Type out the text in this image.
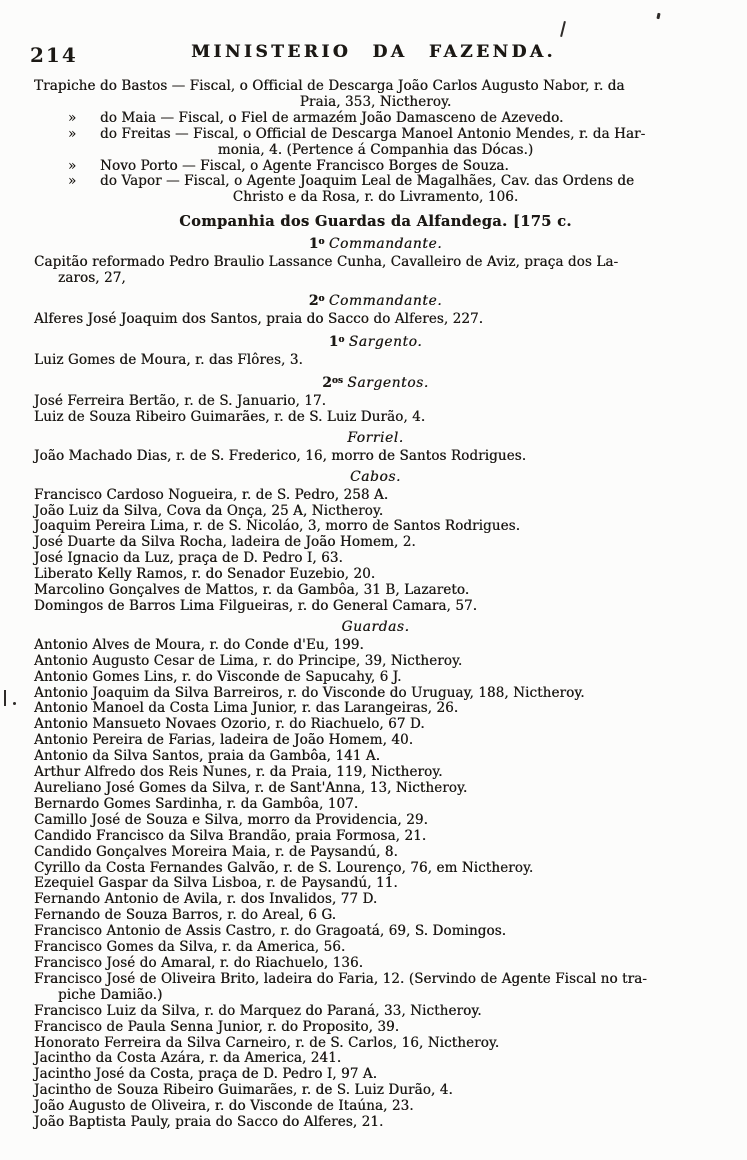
214	MINISTERIO DA FAZENDA.
Trapiche do Bastos — Fiscal, o Official de Descarga João Carlos Augusto Nabor, r. da
Praia, 353, Nictheroy.
» do Maia — Fiscal, o Fiel de armazém João Damasceno de Azevedo.
» do Freitas — Fiscal, o Official de Descarga Manoel Antonio Mendes, r. da Har-
monia, 4. (Pertence á Companhia das Dócas.)
» Novo Porto — Fiscal, o Agente Francisco Borges de Souza.
» do Vapor — Fiscal, o Agente Joaquim Leal de Magalhães, Cav. das Ordens de
Christo e da Rosa, r. do Livramento, 106.
Companhia dos Guardas da Alfandega. [175 c.
1$^o$ Commandante.
Capitão reformado Pedro Braulio Lassance Cunha, Cavalleiro de Aviz, praça dos La-
zaros, 27,
2$^o$ Commandante.
Alferes José Joaquim dos Santos, praia do Sacco do Alferes, 227.
1$^o$ Sargento.
Luiz Gomes de Moura, r. das Flôres, 3.
$2^{os}$ Sargentos.
José Ferreira Bertão, r. de S. Januario, 17.
Luiz de Souza Ribeiro Guimarães, r. de S. Luiz Durão, 4.
Forriel.
João Machado Dias, r. de S. Frederico, 16, morro de Santos Rodrigues.
Cabos.
Francisco Cardoso Nogueira, r. de S. Pedro, 258 A.
João Luiz da Silva, Cova da Onça, 25 A, Nictheroy.
Joaquim Pereira Lima, r. de S. Nicoláo, 3, morro de Santos Rodrigues.
José Duarte da Silva Rocha, ladeira de João Homem, 2.
José Ignacio da Luz, praça de D. Pedro I, 63.
Liberato Kelly Ramos, r. do Senador Euzebio, 20.
Marcolino Gonçalves de Mattos, r. da Gambôa, 31 B, Lazareto.
Domingos de Barros Lima Filgueiras, r. do General Camara, 57.
Guardas.
Antonio Alves de Moura, r. do Conde d'Eu, 199.
Antonio Augusto Cesar de Lima, r. do Principe, 39, Nictheroy.
Antonio Gomes Lins, r. do Visconde de Sapucahy, 6 J.
Antonio Joaquim da Silva Barreiros, r. do Visconde do Uruguay, 188, Nictheroy.
Antonio Manoel da Costa Lima Junior, r. das Larangeiras, 26.
Antonio Mansueto Novaes Ozorio, r. do Riachuelo, 67 D.
Antonio Pereira de Farias, ladeira de João Homem, 40.
Antonio da Silva Santos, praia da Gambôa, 141 A.
Arthur Alfredo dos Reis Nunes, r. da Praia, 119, Nictheroy.
Aureliano José Gomes da Silva, r. de Sant'Anna, 13, Nictheroy.
Bernardo Gomes Sardinha, r. da Gambôa, 107.
Camillo José de Souza e Silva, morro da Providencia, 29.
Candido Francisco da Silva Brandão, praia Formosa, 21.
Candido Gonçalves Moreira Maia, r. de Paysandú, 8.
Cyrillo da Costa Fernandes Galvão, r. de S. Lourenço, 76, em Nictheroy.
Ezequiel Gaspar da Silva Lisboa, r. de Paysandú, 11.
Fernando Antonio de Avila, r. dos Invalidos, 77 D.
Fernando de Souza Barros, r. do Areal, 6 G.
Francisco Antonio de Assis Castro, r. do Gragoatá, 69, S. Domingos.
Francisco Gomes da Silva, r. da America, 56.
Francisco José do Amaral, r. do Riachuelo, 136.
Francisco José de Oliveira Brito, ladeira do Faria, 12. (Servindo de Agente Fiscal no tra-
piche Damião.)
Francisco Luiz da Silva, r. do Marquez do Paraná, 33, Nictheroy.
Francisco de Paula Senna Junior, r. do Proposito, 39.
Honorato Ferreira da Silva Carneiro, r. de S. Carlos, 16, Nictheroy.
Jacintho da Costa Azára, r. da America, 241.
Jacintho José da Costa, praça de D. Pedro I, 97 A.
Jacintho de Souza Ribeiro Guimarães, r. de S. Luiz Durão, 4.
João Augusto de Oliveira, r. do Visconde de Itaúna, 23.
João Baptista Pauly, praia do Sacco do Alferes, 21.
